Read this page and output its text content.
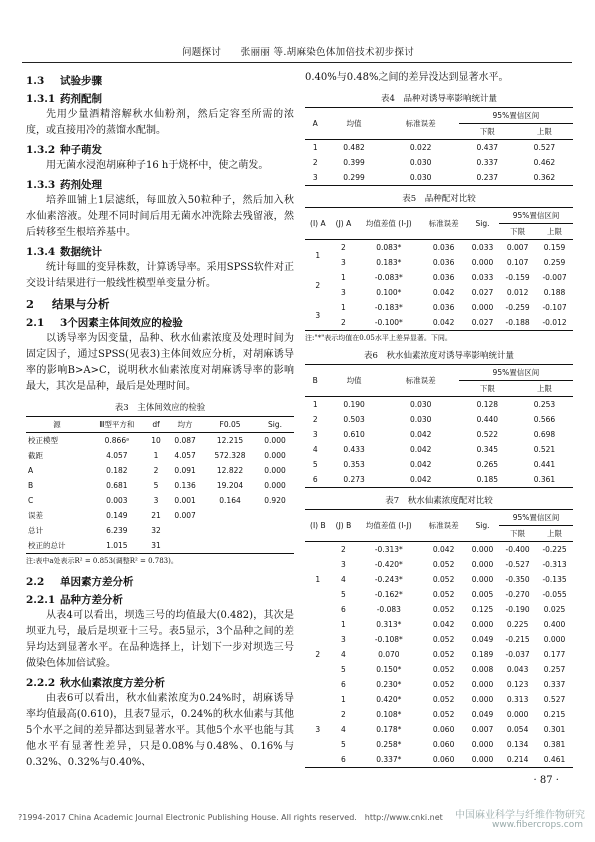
问题探讨　　张丽丽 等.胡麻染色体加倍技术初步探讨
1.3 试验步骤
1.3.1 药剂配制

先用少量酒精溶解秋水仙粉剂，然后定容至所需的浓度，或直接用冷的蒸馏水配制。

1.3.2 种子萌发

用无菌水浸泡胡麻种子16 h于烧杯中，使之萌发。

1.3.3 药剂处理

培养皿铺上1层滤纸，每皿放入50粒种子，然后加入秋水仙素溶液。处理不同时间后用无菌水冲洗除去残留液，然后转移至生根培养基中。

1.3.4 数据统计

统计每皿的变异株数，计算诱导率。采用SPSS软件对正交设计结果进行一般线性模型单变量分析。

2 结果与分析
2.1 3个因素主体间效应的检验

以诱导率为因变量，品种、秋水仙素浓度及处理时间为固定因子，通过SPSS(见表3)主体间效应分析，对胡麻诱导率的影响B>A>C，说明秋水仙素浓度对胡麻诱导率的影响最大，其次是品种，最后是处理时间。

表3　主体间效应的检验
源	Ⅲ型平方和	df	均方	F0.05	Sig.
校正模型	0.866ᵃ	10	0.087	12.215	0.000
截距	4.057	1	4.057	572.328	0.000
A	0.182	2	0.091	12.822	0.000
B	0.681	5	0.136	19.204	0.000
C	0.003	3	0.001	0.164	0.920
误差	0.149	21	0.007		
总计	6.239	32			
校正的总计	1.015	31			
注:表中a处表示R² = 0.853(调整R² = 0.783)。
2.2 单因素方差分析
2.2.1 品种方差分析

从表4可以看出，坝选三号的均值最大(0.482)，其次是坝亚九号，最后是坝亚十三号。表5显示，3个品种之间的差异均达到显著水平。在品种选择上，计划下一步对坝选三号做染色体加倍试验。

2.2.2 秋水仙素浓度方差分析

由表6可以看出，秋水仙素浓度为0.24%时，胡麻诱导率均值最高(0.610)，且表7显示，0.24%的秋水仙素与其他5个水平之间的差异都达到显著水平。其他5个水平也能与其他水平有显著性差异，只是0.08%与0.48%、0.16%与0.32%、0.32%与0.40%、

0.40%与0.48%之间的差异没达到显著水平。

表4　品种对诱导率影响统计量
A	均值	标准误差	95%置信区间	
			下限	上限
1	0.482	0.022	0.437	0.527
2	0.399	0.030	0.337	0.462
3	0.299	0.030	0.237	0.362
表5　品种配对比较
(I) A	(J) A	均值差值 (I-J)	标准误差	Sig.	95%置信区间	
					下限	上限
1	2	0.083*	0.036	0.033	0.007	0.159
	3	0.183*	0.036	0.000	0.107	0.259
2	1	-0.083*	0.036	0.033	-0.159	-0.007
	3	0.100*	0.042	0.027	0.012	0.188
3	1	-0.183*	0.036	0.000	-0.259	-0.107
	2	-0.100*	0.042	0.027	-0.188	-0.012
注:"*"表示均值在0.05水平上差异显著。下同。
表6　秋水仙素浓度对诱导率影响统计量
B	均值	标准误差	95%置信区间	
			下限	上限
1	0.190	0.030	0.128	0.253
2	0.503	0.030	0.440	0.566
3	0.610	0.042	0.522	0.698
4	0.433	0.042	0.345	0.521
5	0.353	0.042	0.265	0.441
6	0.273	0.042	0.185	0.361
表7　秋水仙素浓度配对比较
(I) B	(J) B	均值差值 (I-J)	标准误差	Sig.	95%置信区间	
					下限	上限
1	2	-0.313*	0.042	0.000	-0.400	-0.225
	3	-0.420*	0.052	0.000	-0.527	-0.313
	4	-0.243*	0.052	0.000	-0.350	-0.135
	5	-0.162*	0.052	0.005	-0.270	-0.055
	6	-0.083	0.052	0.125	-0.190	0.025
2	1	0.313*	0.042	0.000	0.225	0.400
	3	-0.108*	0.052	0.049	-0.215	0.000
	4	0.070	0.052	0.189	-0.037	0.177
	5	0.150*	0.052	0.008	0.043	0.257
	6	0.230*	0.052	0.000	0.123	0.337
3	1	0.420*	0.052	0.000	0.313	0.527
	2	0.108*	0.052	0.049	0.000	0.215
	4	0.178*	0.060	0.007	0.054	0.301
	5	0.258*	0.060	0.000	0.134	0.381
	6	0.337*	0.060	0.000	0.214	0.461
· 87 ·
?1994-2017 China Academic Journal Electronic Publishing House. All rights reserved.　http://www.cnki.net 中国麻业科学与纤维作物研究
www.fibercrops.com
